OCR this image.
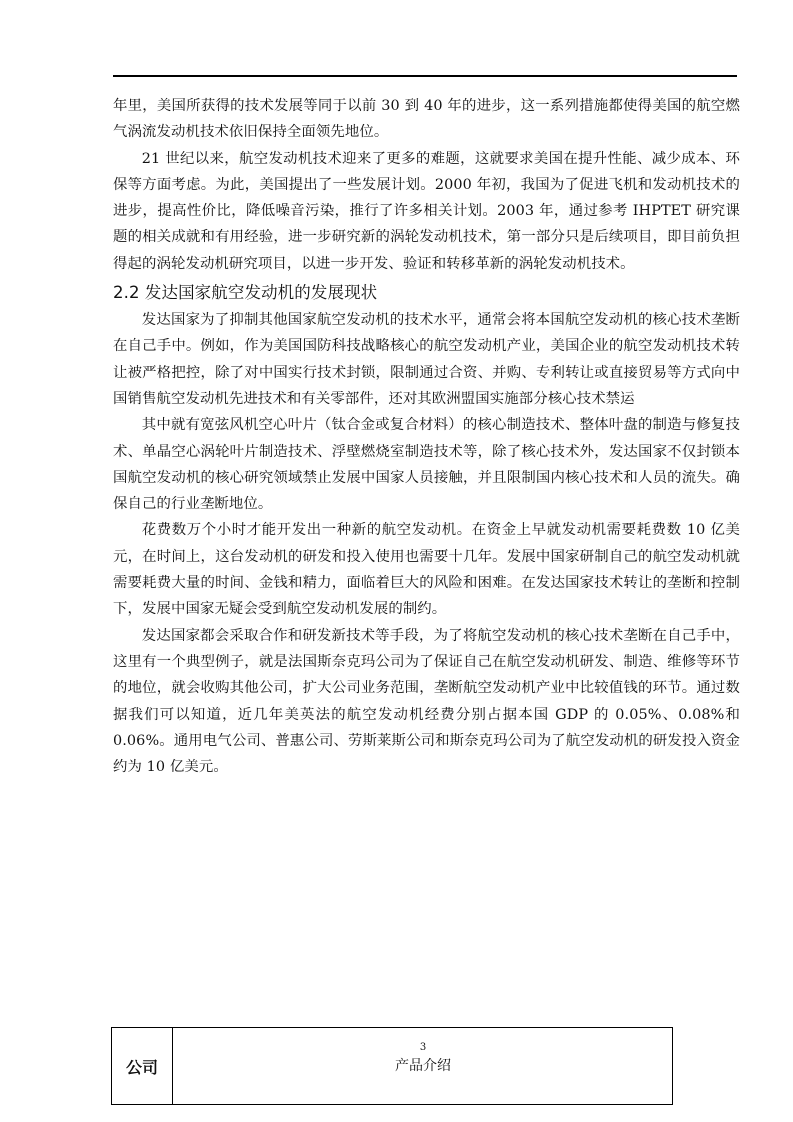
年里，美国所获得的技术发展等同于以前 30 到 40 年的进步，这一系列措施都使得美国的航空燃气涡流发动机技术依旧保持全面领先地位。

21 世纪以来，航空发动机技术迎来了更多的难题，这就要求美国在提升性能、减少成本、环保等方面考虑。为此，美国提出了一些发展计划。2000 年初，我国为了促进飞机和发动机技术的进步，提高性价比，降低噪音污染，推行了许多相关计划。2003 年，通过参考 IHPTET 研究课题的相关成就和有用经验，进一步研究新的涡轮发动机技术，第一部分只是后续项目，即目前负担得起的涡轮发动机研究项目，以进一步开发、验证和转移革新的涡轮发动机技术。

2.2 发达国家航空发动机的发展现状

发达国家为了抑制其他国家航空发动机的技术水平，通常会将本国航空发动机的核心技术垄断在自己手中。例如，作为美国国防科技战略核心的航空发动机产业，美国企业的航空发动机技术转让被严格把控，除了对中国实行技术封锁，限制通过合资、并购、专利转让或直接贸易等方式向中国销售航空发动机先进技术和有关零部件，还对其欧洲盟国实施部分核心技术禁运

其中就有宽弦风机空心叶片（钛合金或复合材料）的核心制造技术、整体叶盘的制造与修复技术、单晶空心涡轮叶片制造技术、浮壁燃烧室制造技术等，除了核心技术外，发达国家不仅封锁本国航空发动机的核心研究领域禁止发展中国家人员接触，并且限制国内核心技术和人员的流失。确保自己的行业垄断地位。

花费数万个小时才能开发出一种新的航空发动机。在资金上早就发动机需要耗费数 10 亿美元，在时间上，这台发动机的研发和投入使用也需要十几年。发展中国家研制自己的航空发动机就需要耗费大量的时间、金钱和精力，面临着巨大的风险和困难。在发达国家技术转让的垄断和控制下，发展中国家无疑会受到航空发动机发展的制约。

发达国家都会采取合作和研发新技术等手段，为了将航空发动机的核心技术垄断在自己手中，这里有一个典型例子，就是法国斯奈克玛公司为了保证自己在航空发动机研发、制造、维修等环节的地位，就会收购其他公司，扩大公司业务范围，垄断航空发动机产业中比较值钱的环节。通过数据我们可以知道，近几年美英法的航空发动机经费分别占据本国 GDP 的 0.05%、0.08%和 0.06%。通用电气公司、普惠公司、劳斯莱斯公司和斯奈克玛公司为了航空发动机的研发投入资金约为 10 亿美元。

公司
3
产品介绍
